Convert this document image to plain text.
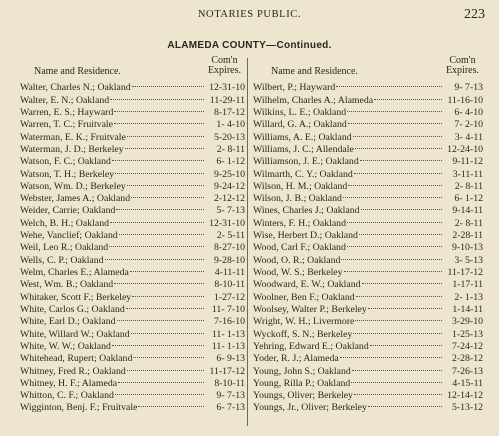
NOTARIES PUBLIC.	223
ALAMEDA COUNTY—Continued.
Name and Residence.
Com'n
Expires.
Walter, Charles N.; Oakland	12-31-10
Walter, E. N.; Oakland	11-29-11
Warren, E. S.; Hayward	8-17-12
Warren, T. C.; Fruitvale	1- 4-10
Waterman, E. K.; Fruitvale	5-20-13
Waterman, J. D.; Berkeley	2- 8-11
Watson, F. C.; Oakland	6- 1-12
Watson, T. H.; Berkeley	9-25-10
Watson, Wm. D.; Berkeley	9-24-12
Webster, James A.; Oakland	2-12-12
Weider, Carrie; Oakland	5- 7-13
Welch, B. H.; Oakland	12-31-10
Wehe, Vanclief; Oakland	2- 5-11
Weil, Leo R.; Oakland	8-27-10
Wells, C. P.; Oakland	9-28-10
Welm, Charles E.; Alameda	4-11-11
West, Wm. B.; Oakland	8-10-11
Whitaker, Scott F.; Berkeley	1-27-12
White, Carlos G.; Oakland	11- 7-10
White, Earl D.; Oakland	7-16-10
White, Willard W.; Oakland	11- 1-13
White, W. W.; Oakland	11- 1-13
Whitehead, Rupert; Oakland	6- 9-13
Whitney, Fred R.; Oakland	11-17-12
Whitney, H. F.; Alameda	8-10-11
Whitton, C. F.; Oakland	9- 7-13
Wigginton, Benj. F.; Fruitvale	6- 7-13
Name and Residence.
Com'n
Expires.
Wilbert, P.; Hayward	9- 7-13
Wilhelm, Charles A.; Alameda	11-16-10
Wilkins, L. E.; Oakland	6- 4-10
Willard, G. A.; Oakland	7- 2-10
Williams, A. E.; Oakland	3- 4-11
Williams, J. C.; Allendale	12-24-10
Williamson, J. E.; Oakland	9-11-12
Wilmarth, C. Y.; Oakland	3-11-11
Wilson, H. M.; Oakland	2- 8-11
Wilson, J. B.; Oakland	6- 1-12
Wines, Charles J.; Oakland	9-14-11
Winters, F. H.; Oakland	2- 8-11
Wise, Herbert D.; Oakland	2-28-11
Wood, Carl F.; Oakland	9-10-13
Wood, O. R.; Oakland	3- 5-13
Wood, W. S.; Berkeley	11-17-12
Woodward, E. W.; Oakland	1-17-11
Woolner, Ben F.; Oakland	2- 1-13
Woolsey, Walter P.; Berkeley	1-14-11
Wright, W. H.; Livermore	3-29-10
Wyckoff, S. N.; Berkeley	1-25-13
Yehring, Edward E.; Oakland	7-24-12
Yoder, R. J.; Alameda	2-28-12
Young, John S.; Oakland	7-26-13
Young, Rilla P.; Oakland	4-15-11
Youngs, Oliver; Berkeley	12-14-12
Youngs, Jr., Oliver; Berkeley	5-13-12
